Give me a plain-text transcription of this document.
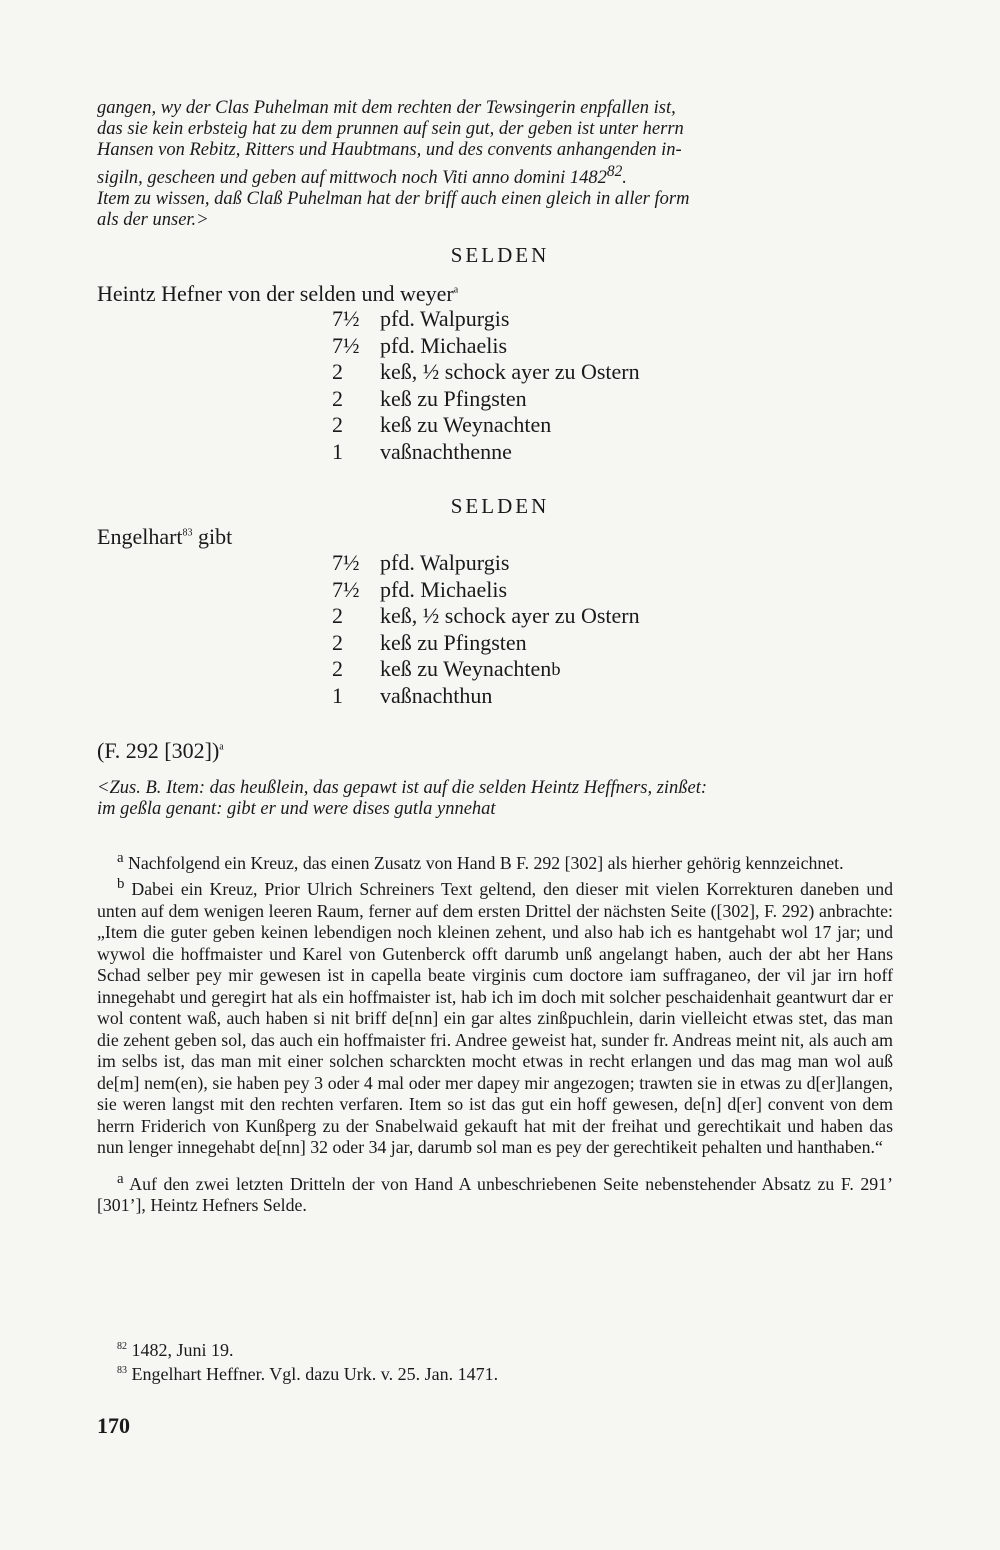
gangen, wy der Clas Puhelman mit dem rechten der Tewsingerin enpfallen ist,
das sie kein erbsteig hat zu dem prunnen auf sein gut, der geben ist unter herrn
Hansen von Rebitz, Ritters und Haubtmans, und des convents anhangenden in-
sigiln, gescheen und geben auf mittwoch noch Viti anno domini 1482$^{82}$.
Item zu wissen, daß Claß Puhelman hat der briff auch einen gleich in aller form
als der unser.>
SELDEN
Heintz Hefner von der selden und weyer$^a$
7½ pfd. Walpurgis
7½ pfd. Michaelis
2	keß, ½ schock ayer zu Ostern
2	keß zu Pfingsten
2	keß zu Weynachten
1	vaßnachthenne
SELDEN
Engelhart$^{83}$ gibt
7½ pfd. Walpurgis
7½ pfd. Michaelis
2	keß, ½ schock ayer zu Ostern
2	keß zu Pfingsten
2	keß zu Weynachten b
1	vaßnachthun
(F. 292 [302])$^a$
<Zus. B. Item: das heußlein, das gepawt ist auf die selden Heintz Heffners, zinßet:
im geßla genant: gibt er und were dises gutla ynnehat

$^a$ Nachfolgend ein Kreuz, das einen Zusatz von Hand B F. 292 [302] als hierher gehörig kennzeichnet.

$^b$ Dabei ein Kreuz, Prior Ulrich Schreiners Text geltend, den dieser mit vielen Korrekturen daneben und unten auf dem wenigen leeren Raum, ferner auf dem ersten Drittel der nächsten Seite ([302], F. 292) anbrachte: „Item die guter geben keinen lebendigen noch kleinen zehent, und also hab ich es hantgehabt wol 17 jar; und wywol die hoffmaister und Karel von Gutenberck offt darumb unß angelangt haben, auch der abt her Hans Schad selber pey mir gewesen ist in capella beate virginis cum doctore iam suffraganeo, der vil jar irn hoff innegehabt und geregirt hat als ein hoffmaister ist, hab ich im doch mit solcher peschaidenhait geantwurt dar er wol content waß, auch haben si nit briff de[nn] ein gar altes zinßpuchlein, darin vielleicht etwas stet, das man die zehent geben sol, das auch ein hoffmaister fri. Andree geweist hat, sunder fr. Andreas meint nit, als auch am im selbs ist, das man mit einer solchen scharckten mocht etwas in recht erlangen und das mag man wol auß de[m] nem(en), sie haben pey 3 oder 4 mal oder mer dapey mir angezogen; trawten sie in etwas zu d[er]langen, sie weren langst mit den rechten verfaren. Item so ist das gut ein hoff gewesen, de[n] d[er] convent von dem herrn Friderich von Kunßperg zu der Snabelwaid gekauft hat mit der freihat und gerechtikait und haben das nun lenger innegehabt de[nn] 32 oder 34 jar, darumb sol man es pey der gerechtikeit pehalten und hanthaben.“

$^a$ Auf den zwei letzten Dritteln der von Hand A unbeschriebenen Seite nebenstehender Absatz zu F. 291’ [301’], Heintz Hefners Selde.

$^{82}$ 1482, Juni 19.
$^{83}$ Engelhart Heffner. Vgl. dazu Urk. v. 25. Jan. 1471.
170
